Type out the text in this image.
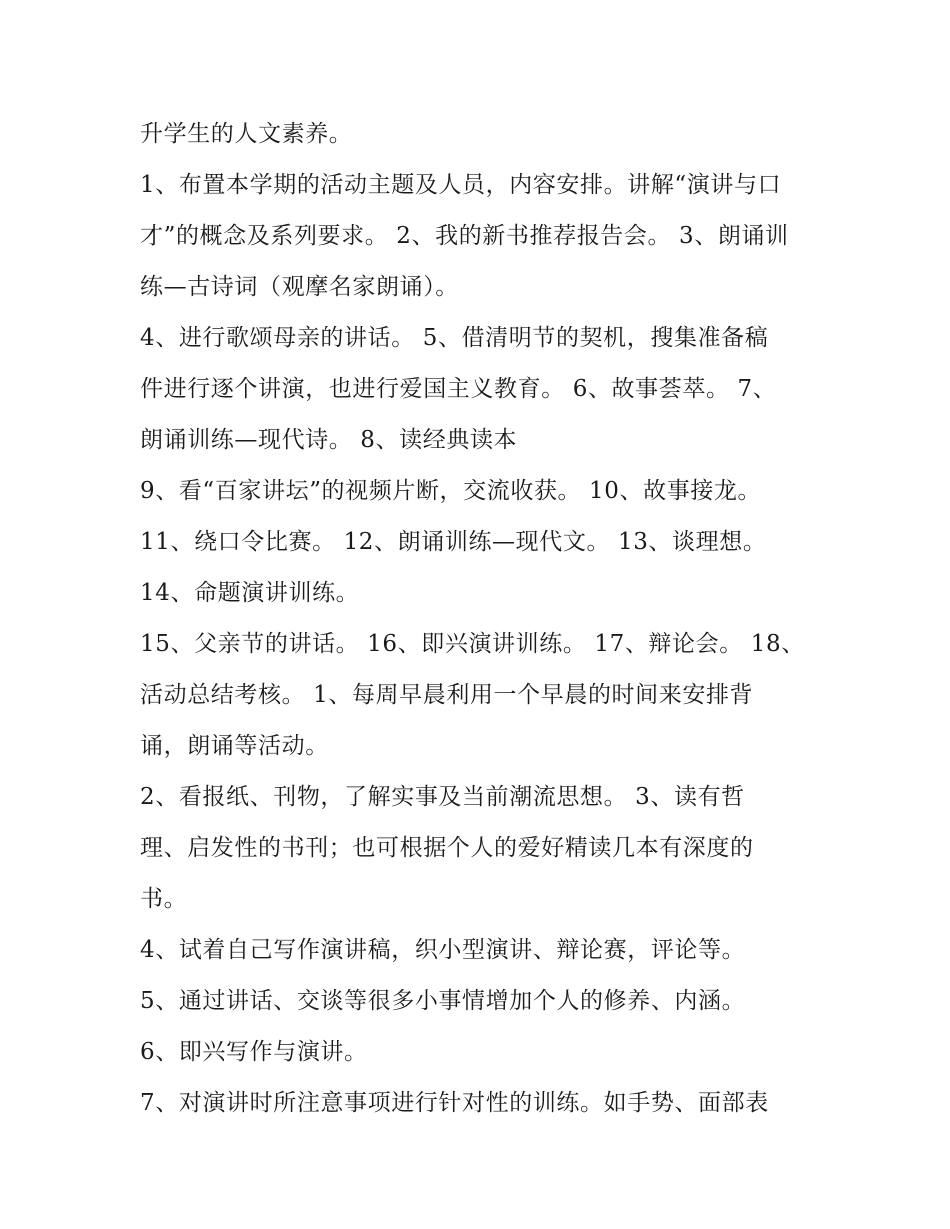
升学生的人文素养。
1、布置本学期的活动主题及人员，内容安排。讲解“演讲与口
才”的概念及系列要求。 2、我的新书推荐报告会。 3、朗诵训
练—古诗词（观摩名家朗诵）。
4、进行歌颂母亲的讲话。 5、借清明节的契机，搜集准备稿
件进行逐个讲演，也进行爱国主义教育。 6、故事荟萃。 7、
朗诵训练—现代诗。 8、读经典读本
9、看“百家讲坛”的视频片断，交流收获。 10、故事接龙。
11、绕口令比赛。 12、朗诵训练—现代文。 13、谈理想。
14、命题演讲训练。
15、父亲节的讲话。 16、即兴演讲训练。 17、辩论会。 18、
活动总结考核。 1、每周早晨利用一个早晨的时间来安排背
诵，朗诵等活动。
2、看报纸、刊物，了解实事及当前潮流思想。 3、读有哲
理、启发性的书刊；也可根据个人的爱好精读几本有深度的
书。
4、试着自己写作演讲稿，织小型演讲、辩论赛，评论等。
5、通过讲话、交谈等很多小事情增加个人的修养、内涵。
6、即兴写作与演讲。
7、对演讲时所注意事项进行针对性的训练。如手势、面部表
